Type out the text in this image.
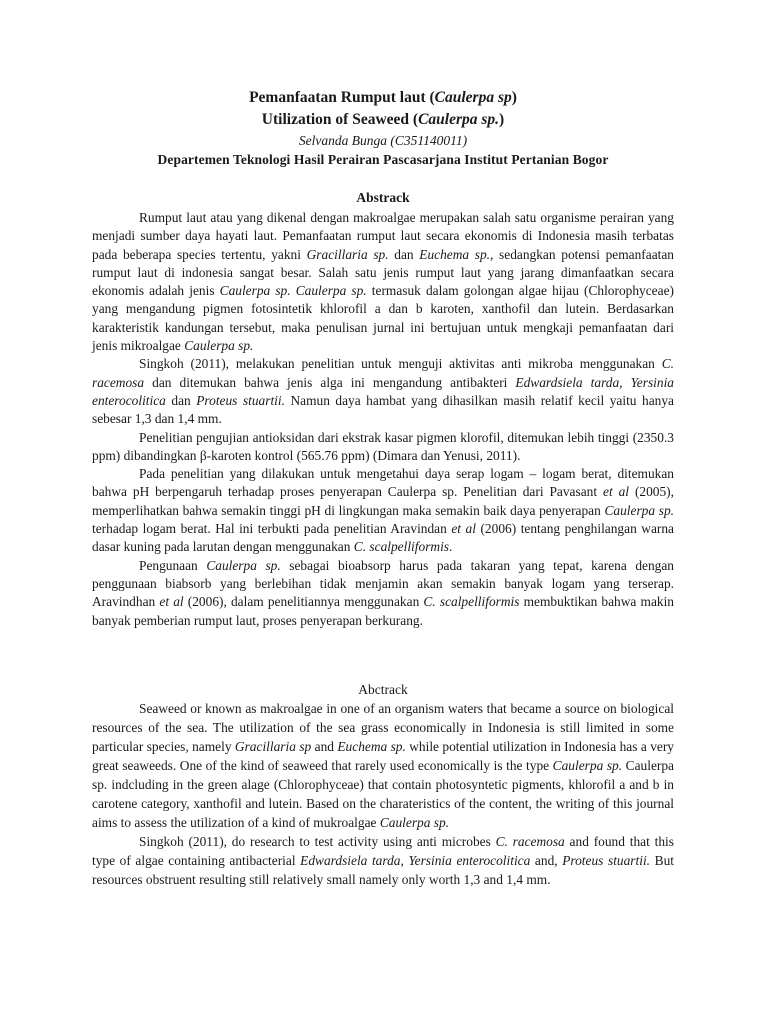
Pemanfaatan Rumput laut (Caulerpa sp)
Utilization of Seaweed (Caulerpa sp.)
Selvanda Bunga (C351140011)
Departemen Teknologi Hasil Perairan Pascasarjana Institut Pertanian Bogor
Abstrack

Rumput laut atau yang dikenal dengan makroalgae merupakan salah satu organisme perairan yang menjadi sumber daya hayati laut. Pemanfaatan rumput laut secara ekonomis di Indonesia masih terbatas pada beberapa species tertentu, yakni Gracillaria sp. dan Euchema sp., sedangkan potensi pemanfaatan rumput laut di indonesia sangat besar. Salah satu jenis rumput laut yang jarang dimanfaatkan secara ekonomis adalah jenis Caulerpa sp. Caulerpa sp. termasuk dalam golongan algae hijau (Chlorophyceae) yang mengandung pigmen fotosintetik khlorofil a dan b karoten, xanthofil dan lutein. Berdasarkan karakteristik kandungan tersebut, maka penulisan jurnal ini bertujuan untuk mengkaji pemanfaatan dari jenis mikroalgae Caulerpa sp.

Singkoh (2011), melakukan penelitian untuk menguji aktivitas anti mikroba menggunakan C. racemosa dan ditemukan bahwa jenis alga ini mengandung antibakteri Edwardsiela tarda, Yersinia enterocolitica dan Proteus stuartii. Namun daya hambat yang dihasilkan masih relatif kecil yaitu hanya sebesar 1,3 dan 1,4 mm.

Penelitian pengujian antioksidan dari ekstrak kasar pigmen klorofil, ditemukan lebih tinggi (2350.3 ppm) dibandingkan β-karoten kontrol (565.76 ppm) (Dimara dan Yenusi, 2011).

Pada penelitian yang dilakukan untuk mengetahui daya serap logam – logam berat, ditemukan bahwa pH berpengaruh terhadap proses penyerapan Caulerpa sp. Penelitian dari Pavasant et al (2005), memperlihatkan bahwa semakin tinggi pH di lingkungan maka semakin baik daya penyerapan Caulerpa sp. terhadap logam berat. Hal ini terbukti pada penelitian Aravindan et al (2006) tentang penghilangan warna dasar kuning pada larutan dengan menggunakan C. scalpelliformis.

Pengunaan Caulerpa sp. sebagai bioabsorp harus pada takaran yang tepat, karena dengan penggunaan biabsorb yang berlebihan tidak menjamin akan semakin banyak logam yang terserap. Aravindhan et al (2006), dalam penelitiannya menggunakan C. scalpelliformis membuktikan bahwa makin banyak pemberian rumput laut, proses penyerapan berkurang.

Abctrack

Seaweed or known as makroalgae in one of an organism waters that became a source on biological resources of the sea. The utilization of the sea grass economically in Indonesia is still limited in some particular species, namely Gracillaria sp and Euchema sp. while potential utilization in Indonesia has a very great seaweeds. One of the kind of seaweed that rarely used economically is the type Caulerpa sp. Caulerpa sp. indcluding in the green alage (Chlorophyceae) that contain photosyntetic pigments, khlorofil a and b in carotene category, xanthofil and lutein. Based on the charateristics of the content, the writing of this journal aims to assess the utilization of a kind of mukroalgae Caulerpa sp.

Singkoh (2011), do research to test activity using anti microbes C. racemosa and found that this type of algae containing antibacterial Edwardsiela tarda, Yersinia enterocolitica and, Proteus stuartii. But resources obstruent resulting still relatively small namely only worth 1,3 and 1,4 mm.
